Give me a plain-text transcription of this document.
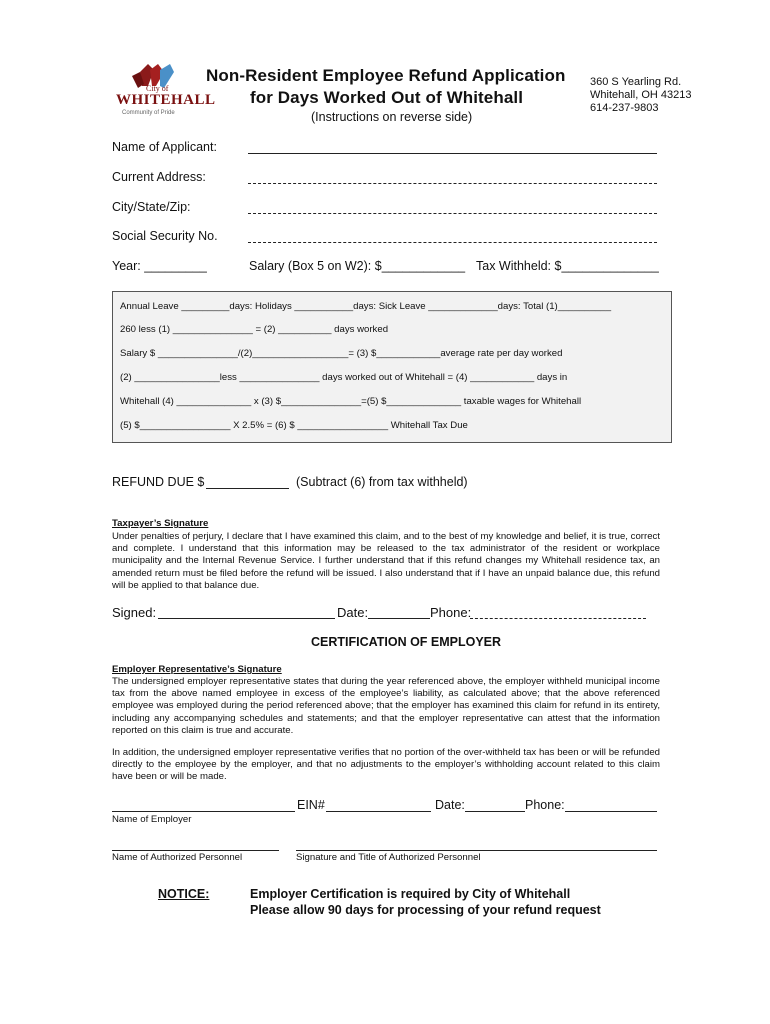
City of
WHITEHALL
Community of Pride
Non-Resident Employee Refund Application
for Days Worked Out of Whitehall
(Instructions on reverse side)
360 S Yearling Rd.
Whitehall, OH 43213
614-237-9803
Name of Applicant:
Current Address:
City/State/Zip:
Social Security No.
Year: _________	Salary (Box 5 on W2): $____________ Tax Withheld: $______________
Annual Leave _________days: Holidays ___________days: Sick Leave _____________days: Total (1)__________
260 less (1) _______________ = (2) __________ days worked
Salary $ _______________/(2)__________________= (3) $____________average rate per day worked
(2) ________________less _______________ days worked out of Whitehall = (4) ____________ days in
Whitehall (4) ______________ x (3) $_______________=(5) $______________ taxable wages for Whitehall
(5) $_________________ X 2.5% = (6) $ _________________ Whitehall Tax Due
REFUND DUE $	(Subtract (6) from tax withheld)
Taxpayer’s Signature
Under penalties of perjury, I declare that I have examined this claim, and to the best of my knowledge and belief, it is true, correct and complete. I understand that this information may be released to the tax administrator of the resident or workplace municipality and the Internal Revenue Service. I further understand that if this refund changes my Whitehall residence tax, an amended return must be filed before the refund will be issued. I also understand that if I have an unpaid balance due, this refund will be applied to that balance due.
Signed:	Date:	Phone:
CERTIFICATION OF EMPLOYER
Employer Representative’s Signature
The undersigned employer representative states that during the year referenced above, the employer withheld municipal income tax from the above named employee in excess of the employee’s liability, as calculated above; that the above referenced employee was employed during the period referenced above; that the employer has examined this claim for refund in its entirety, including any accompanying schedules and statements; and that the employer representative can attest that the information reported on this claim is true and accurate.
In addition, the undersigned employer representative verifies that no portion of the over-withheld tax has been or will be refunded directly to the employee by the employer, and that no adjustments to the employer’s withholding account related to this claim have been or will be made.
EIN#	Date:	Phone:
Name of Employer
Name of Authorized Personnel	Signature and Title of Authorized Personnel
NOTICE:	Employer Certification is required by City of Whitehall
Please allow 90 days for processing of your refund request
